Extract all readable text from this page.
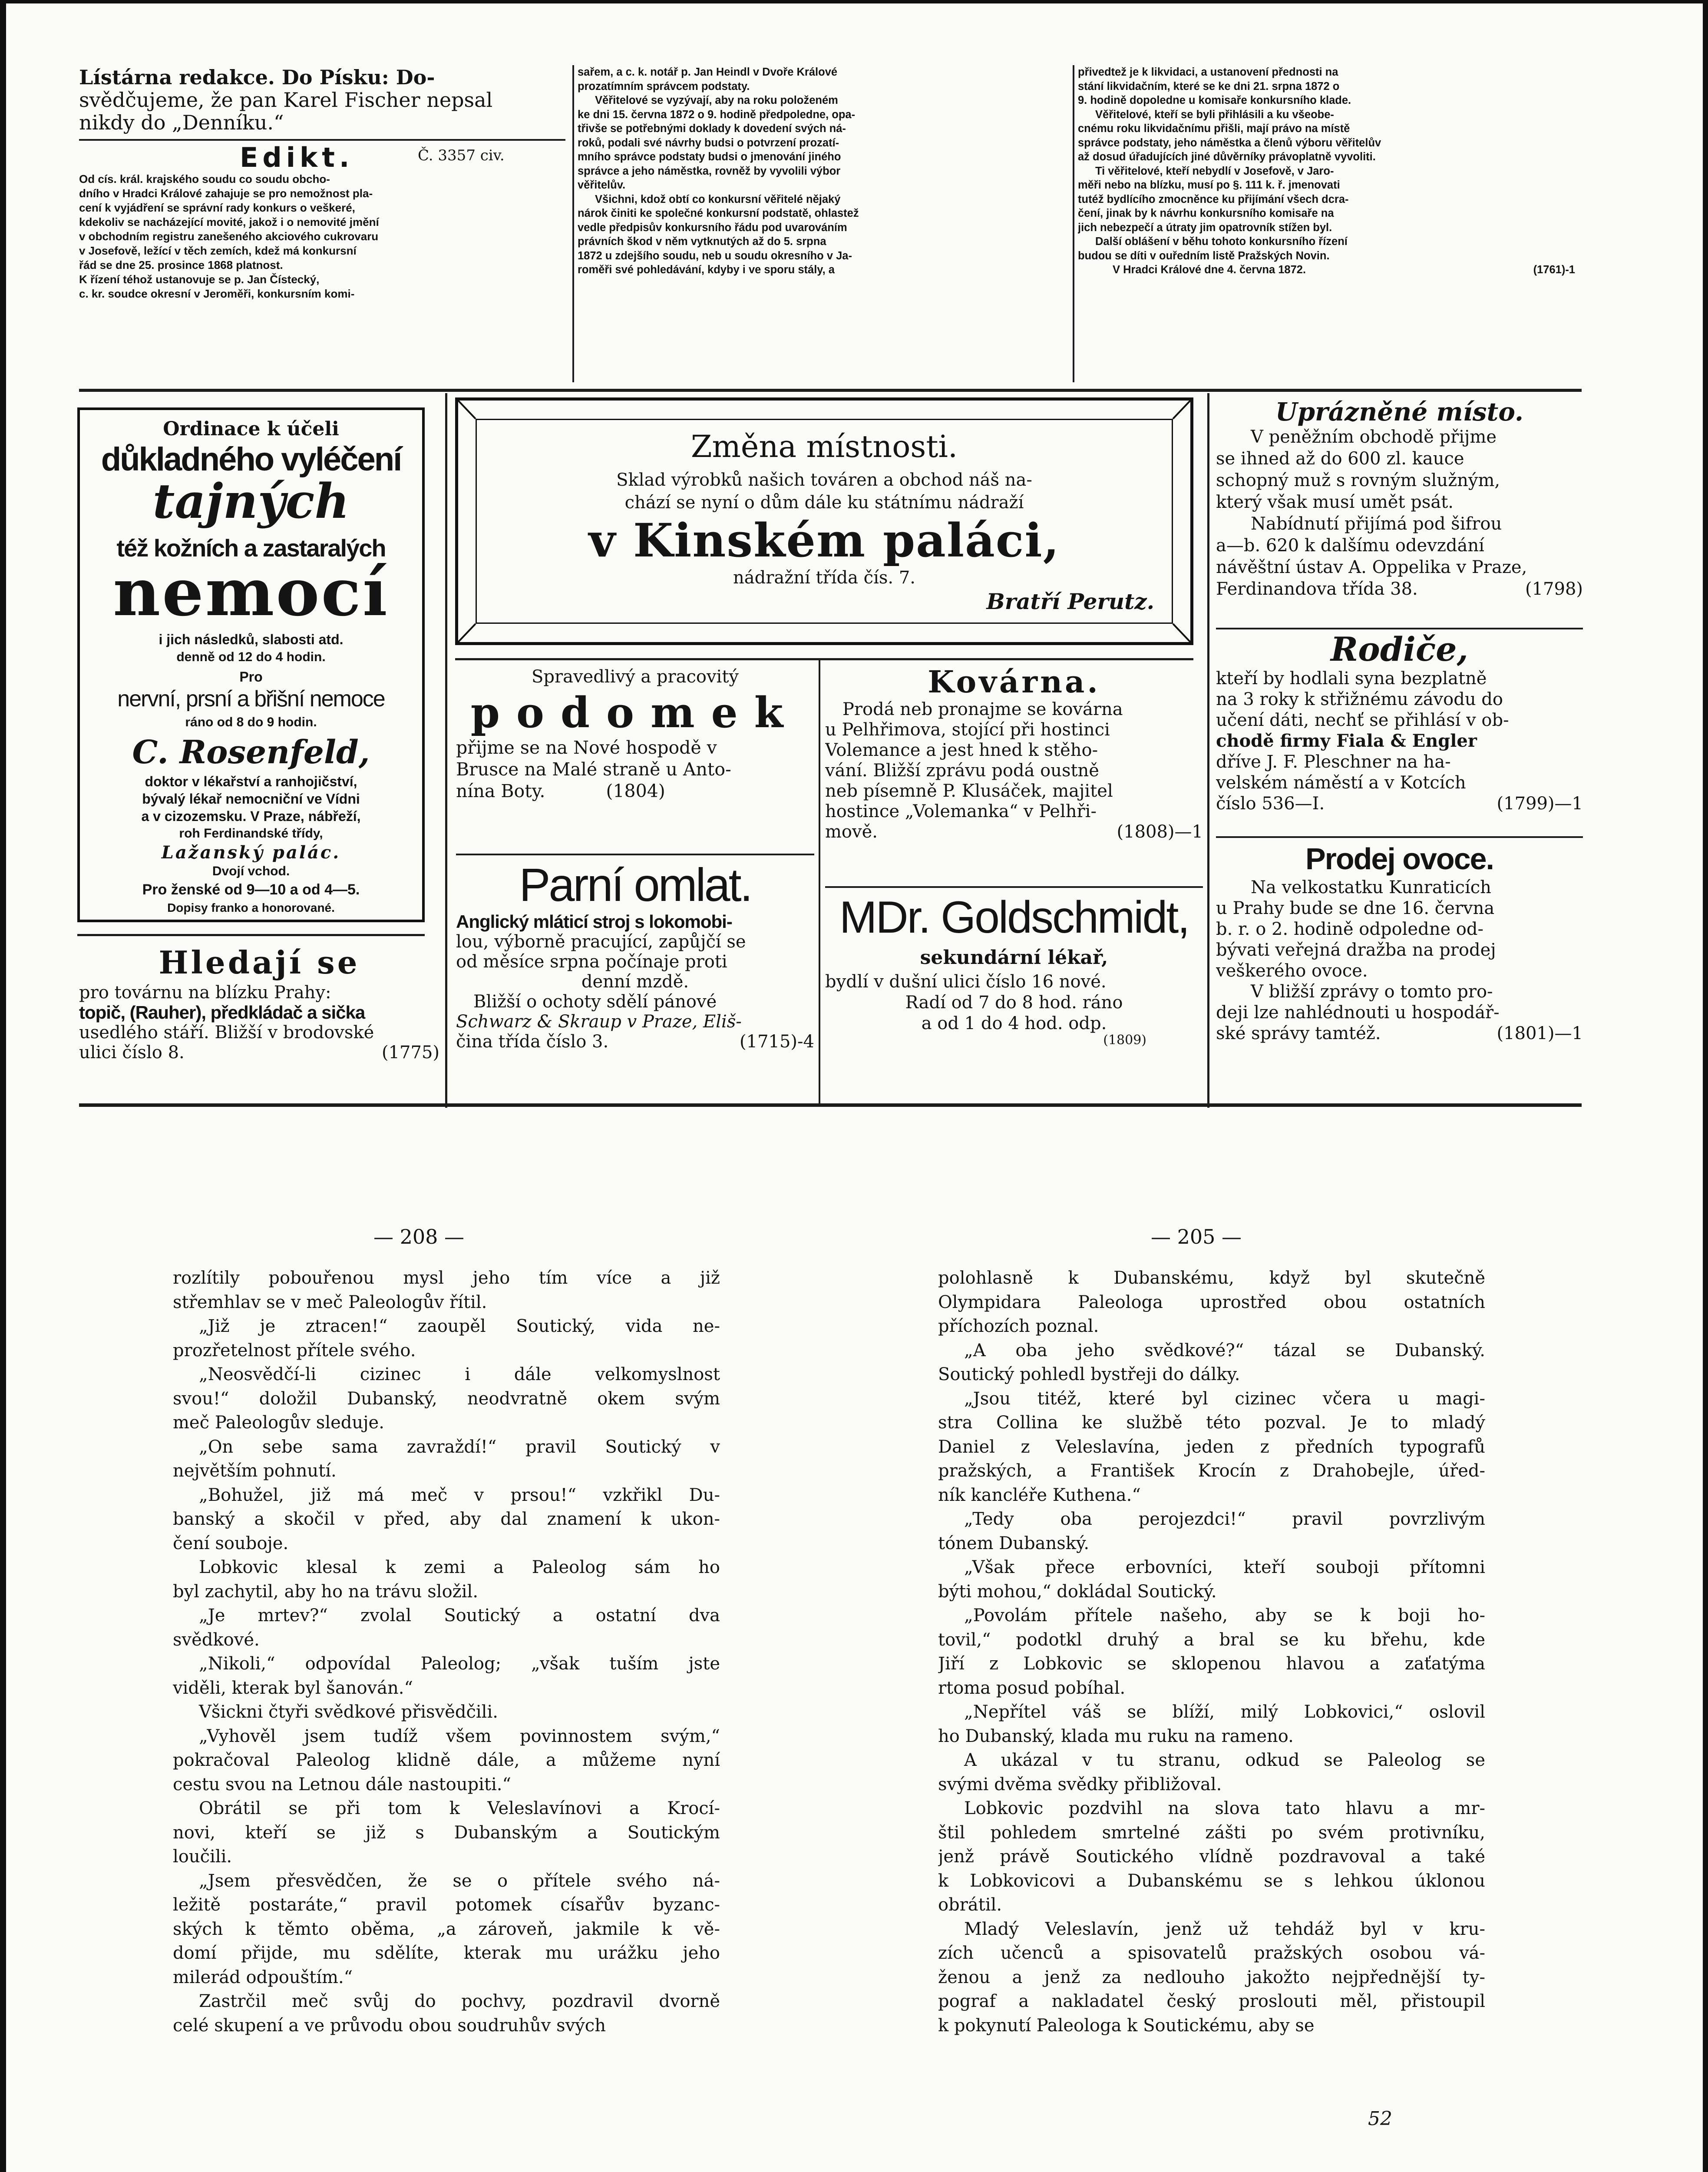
Lístárna redakce. Do Písku: Do-
svědčujeme, že pan Karel Fischer nepsal
nikdy do „Denníku.“
Edikt.	Č. 3357 civ.
Od cís. král. krajského soudu co soudu obcho-
dního v Hradci Králové zahajuje se pro nemožnost pla-
cení k vyjádření se správní rady konkurs o veškeré,
kdekoliv se nacházející movité, jakož i o nemovité jmění
v obchodním registru zanešeného akciového cukrovaru
v Josefově, ležící v těch zemích, kdež má konkursní
řád se dne 25. prosince 1868 platnost.
K řízení téhož ustanovuje se p. Jan Čístecký,
c. kr. soudce okresní v Jeroměři, konkursním komi-
sařem, a c. k. notář p. Jan Heindl v Dvoře Králové
prozatímním správcem podstaty.
Věřitelové se vyzývají, aby na roku položeném
ke dni 15. června 1872 o 9. hodině předpoledne, opa-
třivše se potřebnými doklady k dovedení svých ná-
roků, podali své návrhy budsi o potvrzení prozatí-
mního správce podstaty budsi o jmenování jiného
správce a jeho náměstka, rovněž by vyvolili výbor
věřitelův.
Všichni, kdož obtí co konkursní věřitelé nějaký
nárok činiti ke společné konkursní podstatě, ohlastež
vedle předpisův konkursního řádu pod uvarováním
právních škod v něm vytknutých až do 5. srpna
1872 u zdejšího soudu, neb u soudu okresního v Ja-
roměři své pohledávání, kdyby i ve sporu stály, a
přivedtež je k likvidaci, a ustanovení přednosti na
stání likvidačním, které se ke dni 21. srpna 1872 o
9. hodině dopoledne u komisaře konkursního klade.
Věřitelové, kteří se byli přihlásili a ku všeobe-
cnému roku likvidačnímu přišli, mají právo na místě
správce podstaty, jeho náměstka a členů výboru věřitelův
až dosud úřadujících jiné důvěrníky právoplatně vyvoliti.
Ti věřitelové, kteří nebydlí v Josefově, v Jaro-
měři nebo na blízku, musí po §. 111 k. ř. jmenovati
tutéž bydlícího zmocněnce ku přijímání všech dcra-
čení, jinak by k návrhu konkursního komisaře na
jich nebezpečí a útraty jim opatrovník stížen byl.
Další oblášení v běhu tohoto konkursního řízení
budou se díti v ouředním listě Pražských Novin.
V Hradci Králové dne 4. června 1872.	(1761)-1
Ordinace k účeli
důkladného vyléčení
tajných
též kožních a zastaralých
nemocí
i jich následků, slabosti atd.
denně od 12 do 4 hodin.
Pro
nervní, prsní a břišní nemoce
ráno od 8 do 9 hodin.
C. Rosenfeld,
doktor v lékařství a ranhojičství,
bývalý lékař nemocniční ve Vídni
a v cizozemsku. V Praze, nábřeží,
roh Ferdinandské třídy,
Lažanský palác.
Dvojí vchod.
Pro ženské od 9—10 a od 4—5.
Dopisy franko a honorované.
Hledají se
pro továrnu na blízku Prahy:
topič, (Rauher), předkládač a sička
usedlého stáří. Bližší v brodovské
ulici číslo 8.	(1775)
Změna místnosti.
Sklad výrobků našich továren a obchod náš na-
chází se nyní o dům dále ku státnímu nádraží
v Kinském paláci,
nádražní třída čís. 7.
Bratří Perutz.
Spravedlivý a pracovitý
podomek
přijme se na Nové hospodě v
Brusce na Malé straně u Anto-
nína Boty.	(1804)
Parní omlat.
Anglický mláticí stroj s lokomobi-
lou, výborně pracující, zapůjčí se
od měsíce srpna počínaje proti
denní mzdě.
Bližší o ochoty sdělí pánové
Schwarz & Skraup v Praze, Eliš-
čina třída číslo 3.	(1715)-4
Kovárna.
Prodá neb pronajme se kovárna
u Pelhřimova, stojící při hostinci
Volemance a jest hned k stěho-
vání. Bližší zprávu podá oustně
neb písemně P. Klusáček, majitel
hostince „Volemanka“ v Pelhři-
mově.	(1808)—1
MDr. Goldschmidt,
sekundární lékař,
bydlí v dušní ulici číslo 16 nové.
Radí od 7 do 8 hod. ráno
a od 1 do 4 hod. odp.
(1809)
Uprázněné místo.
V peněžním obchodě přijme
se ihned až do 600 zl. kauce
schopný muž s rovným služným,
který však musí umět psát.
Nabídnutí přijímá pod šifrou
a—b. 620 k dalšímu odevzdání
návěštní ústav A. Oppelika v Praze,
Ferdinandova třída 38.	(1798)
Rodiče,
kteří by hodlali syna bezplatně
na 3 roky k střižnému závodu do
učení dáti, nechť se přihlásí v ob-
chodě firmy Fiala & Engler
dříve J. F. Pleschner na ha-
velském náměstí a v Kotcích
číslo 536—I.	(1799)—1
Prodej ovoce.
Na velkostatku Kunraticích
u Prahy bude se dne 16. června
b. r. o 2. hodině odpoledne od-
bývati veřejná dražba na prodej
veškerého ovoce.
V bližší zprávy o tomto pro-
deji lze nahlédnouti u hospodář-
ské správy tamtéž.	(1801)—1
— 208 —	— 205 —
rozlítily pobouřenou mysl jeho tím více a již
střemhlav se v meč Paleologův řítil.
„Již je ztracen!“ zaoupěl Soutický, vida ne-
prozřetelnost přítele svého.
„Neosvědčí-li cizinec i dále velkomyslnost
svou!“ doložil Dubanský, neodvratně okem svým
meč Paleologův sleduje.
„On sebe sama zavraždí!“ pravil Soutický v
největším pohnutí.
„Bohužel, již má meč v prsou!“ vzkřikl Du-
banský a skočil v před, aby dal znamení k ukon-
čení souboje.
Lobkovic klesal k zemi a Paleolog sám ho
byl zachytil, aby ho na trávu složil.
„Je mrtev?“ zvolal Soutický a ostatní dva
svědkové.
„Nikoli,“ odpovídal Paleolog; „však tuším jste
viděli, kterak byl šanován.“
Všickni čtyři svědkové přisvědčili.
„Vyhověl jsem tudíž všem povinnostem svým,“
pokračoval Paleolog klidně dále, a můžeme nyní
cestu svou na Letnou dále nastoupiti.“
Obrátil se při tom k Veleslavínovi a Krocí-
novi, kteří se již s Dubanským a Soutickým
loučili.
„Jsem přesvědčen, že se o přítele svého ná-
ležitě postaráte,“ pravil potomek císařův byzanc-
ských k těmto oběma, „a zároveň, jakmile k vě-
domí přijde, mu sdělíte, kterak mu urážku jeho
milerád odpouštím.“
Zastrčil meč svůj do pochvy, pozdravil dvorně
celé skupení a ve průvodu obou soudruhův svých
polohlasně k Dubanskému, když byl skutečně
Olympidara Paleologa uprostřed obou ostatních
příchozích poznal.
„A oba jeho svědkové?“ tázal se Dubanský.
Soutický pohledl bystřeji do dálky.
„Jsou titéž, které byl cizinec včera u magi-
stra Collina ke službě této pozval. Je to mladý
Daniel z Veleslavína, jeden z předních typografů
pražských, a František Krocín z Drahobejle, úřed-
ník kancléře Kuthena.“
„Tedy oba perojezdci!“ pravil povrzlivým
tónem Dubanský.
„Však přece erbovníci, kteří souboji přítomni
býti mohou,“ dokládal Soutický.
„Povolám přítele našeho, aby se k boji ho-
tovil,“ podotkl druhý a bral se ku břehu, kde
Jiří z Lobkovic se sklopenou hlavou a zaťatýma
rtoma posud pobíhal.
„Nepřítel váš se blíží, milý Lobkovici,“ oslovil
ho Dubanský, klada mu ruku na rameno.
A ukázal v tu stranu, odkud se Paleolog se
svými dvěma svědky přibližoval.
Lobkovic pozdvihl na slova tato hlavu a mr-
štil pohledem smrtelné zášti po svém protivníku,
jenž právě Soutického vlídně pozdravoval a také
k Lobkovicovi a Dubanskému se s lehkou úklonou
obrátil.
Mladý Veleslavín, jenž už tehdáž byl v kru-
zích učenců a spisovatelů pražských osobou vá-
ženou a jenž za nedlouho jakožto nejpřednější ty-
pograf a nakladatel český proslouti měl, přistoupil
k pokynutí Paleologa k Soutickému, aby se
52
